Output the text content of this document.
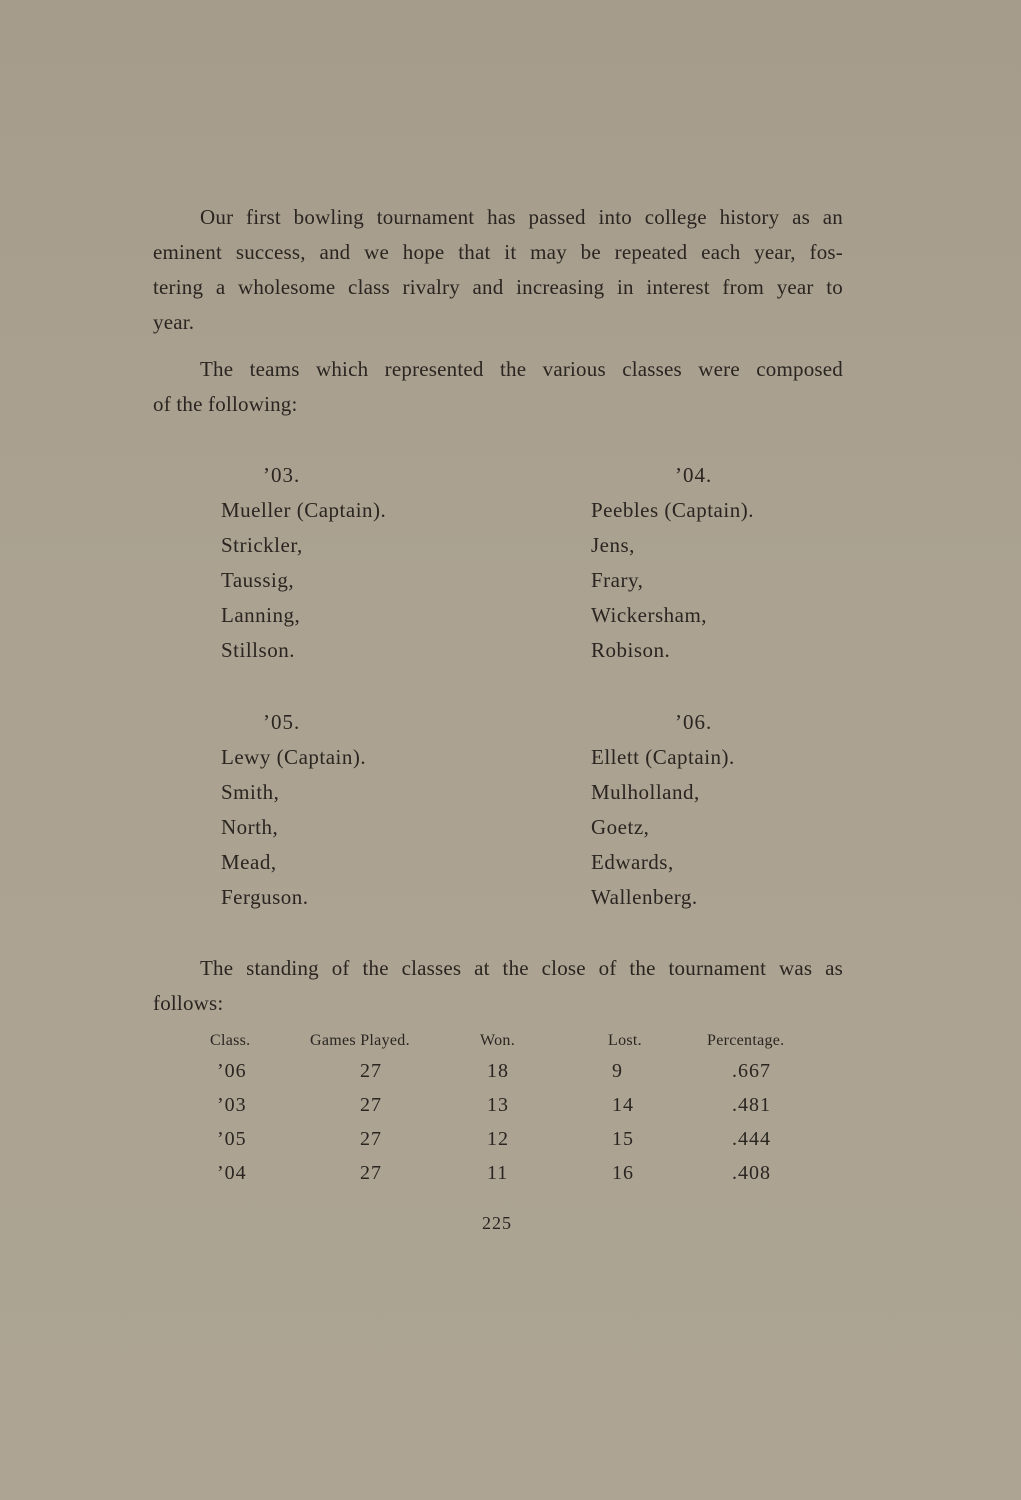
Our first bowling tournament has passed into college history as an
eminent success, and we hope that it may be repeated each year, fos-
tering a wholesome class rivalry and increasing in interest from year to
year.

The teams which represented the various classes were composed
of the following:

’03.
Mueller (Captain).
Strickler,
Taussig,
Lanning,
Stillson.
’04.
Peebles (Captain).
Jens,
Frary,
Wickersham,
Robison.
’05.
Lewy (Captain).
Smith,
North,
Mead,
Ferguson.
’06.
Ellett (Captain).
Mulholland,
Goetz,
Edwards,
Wallenberg.

The standing of the classes at the close of the tournament was as
follows:

Class.	Games Played.	Won.	Lost.	Percentage.
’06	27	18	9	.667
’03	27	13	14	.481
’05	27	12	15	.444
’04	27	11	16	.408
225
